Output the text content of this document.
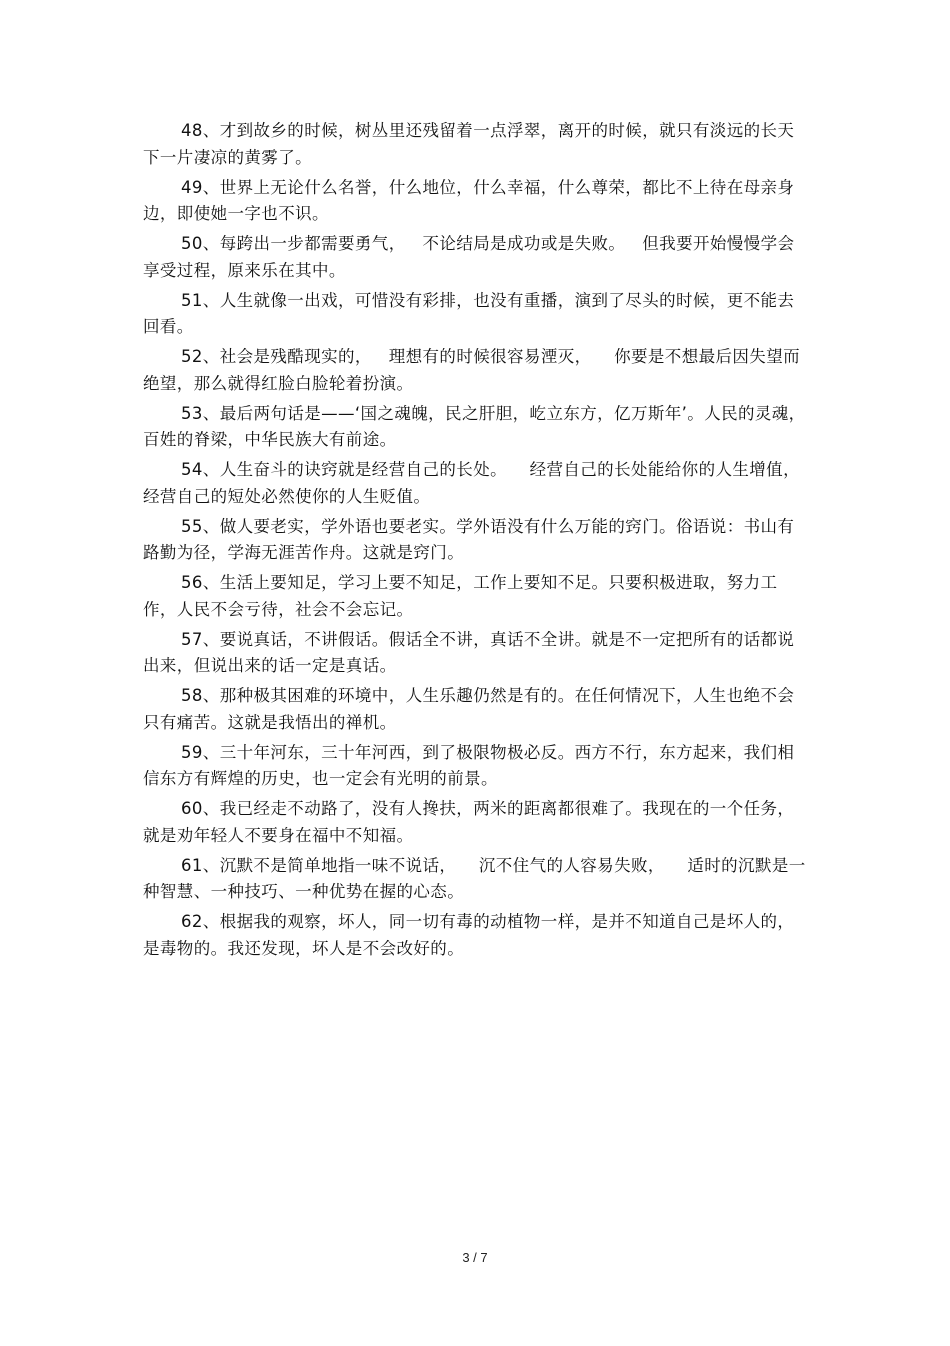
48、才到故乡的时候，树丛里还残留着一点浮翠，离开的时候，就只有淡远的长天下一片凄凉的黄雾了。

49、世界上无论什么名誉，什么地位，什么幸福，什么尊荣，都比不上待在母亲身边，即使她一字也不识。

50、每跨出一步都需要勇气，   不论结局是成功或是失败。   但我要开始慢慢学会享受过程，原来乐在其中。

51、人生就像一出戏，可惜没有彩排，也没有重播，演到了尽头的时候，更不能去回看。

52、社会是残酷现实的，   理想有的时候很容易湮灭，    你要是不想最后因失望而绝望，那么就得红脸白脸轮着扮演。

53、最后两句话是——‘国之魂魄，民之肝胆，屹立东方，亿万斯年’。人民的灵魂，百姓的脊梁，中华民族大有前途。

54、人生奋斗的诀窍就是经营自己的长处。    经营自己的长处能给你的人生增值，经营自己的短处必然使你的人生贬值。

55、做人要老实，学外语也要老实。学外语没有什么万能的窍门。俗语说：书山有路勤为径，学海无涯苦作舟。这就是窍门。

56、生活上要知足，学习上要不知足，工作上要知不足。只要积极进取，努力工作，人民不会亏待，社会不会忘记。

57、要说真话，不讲假话。假话全不讲，真话不全讲。就是不一定把所有的话都说出来，但说出来的话一定是真话。

58、那种极其困难的环境中，人生乐趣仍然是有的。在任何情况下，人生也绝不会只有痛苦。这就是我悟出的禅机。

59、三十年河东，三十年河西，到了极限物极必反。西方不行，东方起来，我们相信东方有辉煌的历史，也一定会有光明的前景。

60、我已经走不动路了，没有人搀扶，两米的距离都很难了。我现在的一个任务，就是劝年轻人不要身在福中不知福。

61、沉默不是简单地指一味不说话，    沉不住气的人容易失败，    适时的沉默是一种智慧、一种技巧、一种优势在握的心态。

62、根据我的观察，坏人，同一切有毒的动植物一样，是并不知道自己是坏人的，是毒物的。我还发现，坏人是不会改好的。

3 / 7
